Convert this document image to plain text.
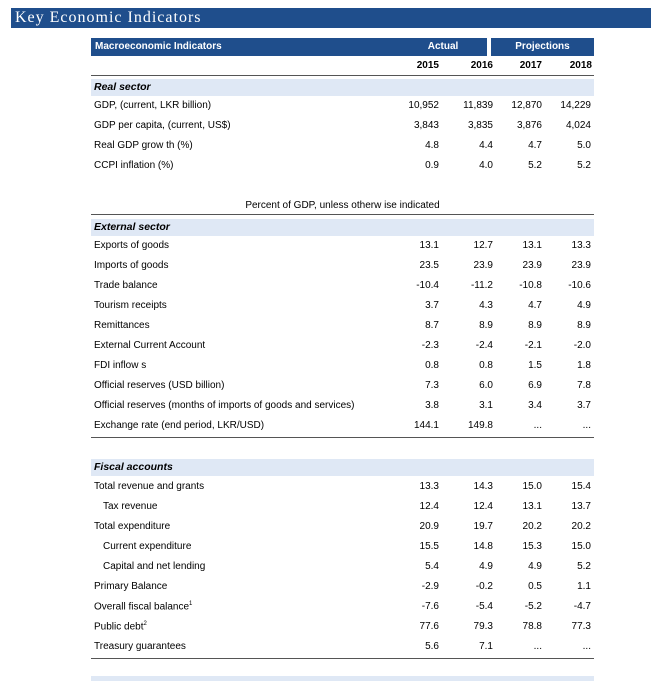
Key Economic Indicators
Macroeconomic Indicators	Actual	Projections
2015	2016	2017	2018
Real sector
GDP, (current, LKR billion)	10,952	11,839	12,870	14,229
GDP per capita, (current, US$)	3,843	3,835	3,876	4,024
Real GDP grow th (%)	4.8	4.4	4.7	5.0
CCPI inflation (%)	0.9	4.0	5.2	5.2
Percent of GDP, unless otherw ise indicated
External sector
Exports of goods	13.1	12.7	13.1	13.3
Imports of goods	23.5	23.9	23.9	23.9
Trade balance	-10.4	-11.2	-10.8	-10.6
Tourism receipts	3.7	4.3	4.7	4.9
Remittances	8.7	8.9	8.9	8.9
External Current Account	-2.3	-2.4	-2.1	-2.0
FDI inflow s	0.8	0.8	1.5	1.8
Official reserves (USD billion)	7.3	6.0	6.9	7.8
Official reserves (months of imports of goods and services)	3.8	3.1	3.4	3.7
Exchange rate (end period, LKR/USD)	144.1	149.8	...	...
Fiscal accounts
Total revenue and grants	13.3	14.3	15.0	15.4
Tax revenue	12.4	12.4	13.1	13.7
Total expenditure	20.9	19.7	20.2	20.2
Current expenditure	15.5	14.8	15.3	15.0
Capital and net lending	5.4	4.9	4.9	5.2
Primary Balance	-2.9	-0.2	0.5	1.1
Overall fiscal balance$^1$	-7.6	-5.4	-5.2	-4.7
Public debt$^2$	77.6	79.3	78.8	77.3
Treasury guarantees	5.6	7.1	...	...
